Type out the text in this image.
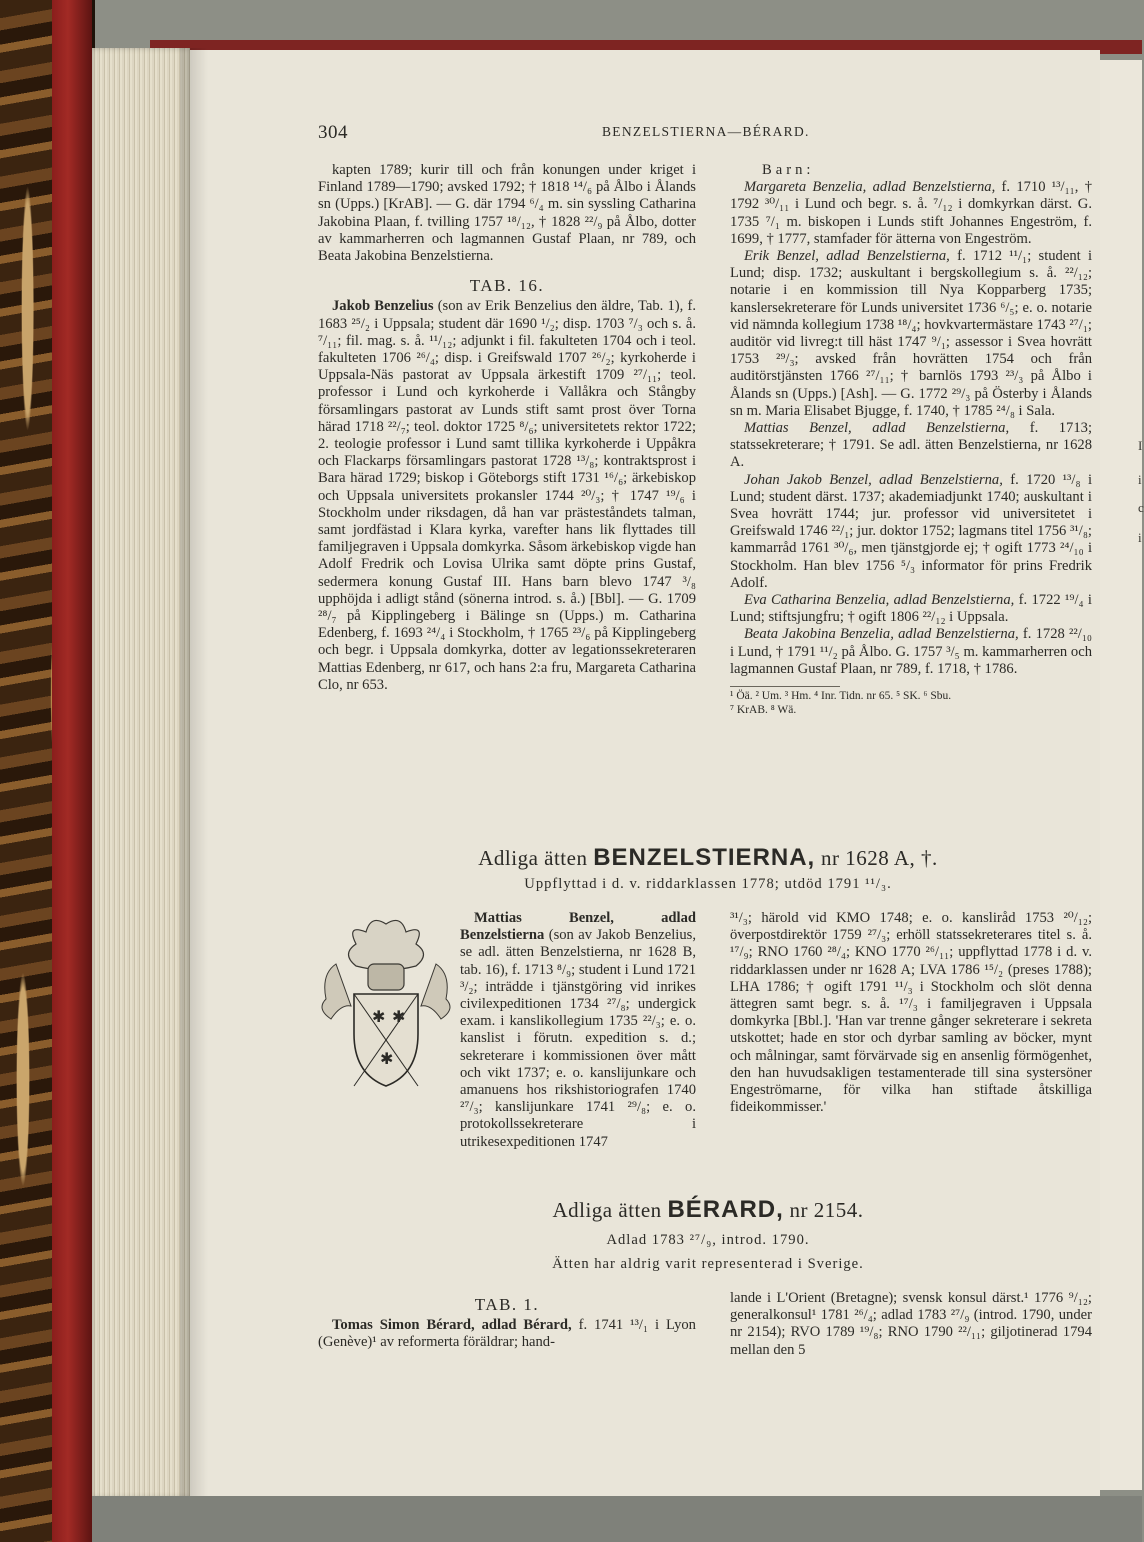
I
i
c
i
304	BENZELSTIERNA—BÉRARD.

kapten 1789; kurir till och från konungen under kriget i Finland 1789—1790; avsked 1792; † 1818 ¹⁴/₆ på Ålbo i Ålands sn (Upps.) [KrAB]. — G. där 1794 ⁶/₄ m. sin syssling Catharina Jakobina Plaan, f. tvilling 1757 ¹⁸/₁₂, † 1828 ²²/₉ på Ålbo, dotter av kammarherren och lagmannen Gustaf Plaan, nr 789, och Beata Jakobina Benzelstierna.

TAB. 16.

Jakob Benzelius (son av Erik Benzelius den äldre, Tab. 1), f. 1683 ²⁵/₂ i Uppsala; student där 1690 ¹/₂; disp. 1703 ⁷/₃ och s. å. ⁷/₁₁; fil. mag. s. å. ¹¹/₁₂; adjunkt i fil. fakulteten 1704 och i teol. fakulteten 1706 ²⁶/₄; disp. i Greifswald 1707 ²⁶/₂; kyrkoherde i Uppsala-Näs pastorat av Uppsala ärkestift 1709 ²⁷/₁₁; teol. professor i Lund och kyrkoherde i Vallåkra och Stångby församlingars pastorat av Lunds stift samt prost över Torna härad 1718 ²²/₇; teol. doktor 1725 ⁸/₆; universitetets rektor 1722; 2. teologie professor i Lund samt tillika kyrkoherde i Uppåkra och Flackarps församlingars pastorat 1728 ¹³/₈; kontraktsprost i Bara härad 1729; biskop i Göteborgs stift 1731 ¹⁶/₆; ärkebiskop och Uppsala universitets prokansler 1744 ²⁰/₃; † 1747 ¹⁹/₆ i Stockholm under riksdagen, då han var prästeståndets talman, samt jordfästad i Klara kyrka, varefter hans lik flyttades till familjegraven i Uppsala domkyrka. Såsom ärkebiskop vigde han Adolf Fredrik och Lovisa Ulrika samt döpte prins Gustaf, sedermera konung Gustaf III. Hans barn blevo 1747 ³/₈ upphöjda i adligt stånd (sönerna introd. s. å.) [Bbl]. — G. 1709 ²⁸/₇ på Kipplingeberg i Bälinge sn (Upps.) m. Catharina Edenberg, f. 1693 ²⁴/₄ i Stockholm, † 1765 ²³/₆ på Kipplingeberg och begr. i Uppsala domkyrka, dotter av legationssekreteraren Mattias Edenberg, nr 617, och hans 2:a fru, Margareta Catharina Clo, nr 653.

Barn:

Margareta Benzelia, adlad Benzelstierna, f. 1710 ¹³/₁₁, † 1792 ³⁰/₁₁ i Lund och begr. s. å. ⁷/₁₂ i domkyrkan därst. G. 1735 ⁷/₁ m. biskopen i Lunds stift Johannes Engeström, f. 1699, † 1777, stamfader för ätterna von Engeström.

Erik Benzel, adlad Benzelstierna, f. 1712 ¹¹/₁; student i Lund; disp. 1732; auskultant i bergskollegium s. å. ²²/₁₂; notarie i en kommission till Nya Kopparberg 1735; kanslersekreterare för Lunds universitet 1736 ⁶/₅; e. o. notarie vid nämnda kollegium 1738 ¹⁸/₄; hovkvartermästare 1743 ²⁷/₁; auditör vid livreg:t till häst 1747 ⁹/₁; assessor i Svea hovrätt 1753 ²⁹/₃; avsked från hovrätten 1754 och från auditörstjänsten 1766 ²⁷/₁₁; † barnlös 1793 ²³/₃ på Ålbo i Ålands sn (Upps.) [Ash]. — G. 1772 ²⁹/₃ på Österby i Ålands sn m. Maria Elisabet Bjugge, f. 1740, † 1785 ²⁴/₈ i Sala.

Mattias Benzel, adlad Benzelstierna, f. 1713; statssekreterare; † 1791. Se adl. ätten Benzelstierna, nr 1628 A.

Johan Jakob Benzel, adlad Benzelstierna, f. 1720 ¹³/₈ i Lund; student därst. 1737; akademiadjunkt 1740; auskultant i Svea hovrätt 1744; jur. professor vid universitetet i Greifswald 1746 ²²/₁; jur. doktor 1752; lagmans titel 1756 ³¹/₈; kammarråd 1761 ³⁰/₆, men tjänstgjorde ej; † ogift 1773 ²⁴/₁₀ i Stockholm. Han blev 1756 ⁵/₃ informator för prins Fredrik Adolf.

Eva Catharina Benzelia, adlad Benzelstierna, f. 1722 ¹⁹/₄ i Lund; stiftsjungfru; † ogift 1806 ²²/₁₂ i Uppsala.

Beata Jakobina Benzelia, adlad Benzelstierna, f. 1728 ²²/₁₀ i Lund, † 1791 ¹¹/₂ på Ålbo. G. 1757 ³/₅ m. kammarherren och lagmannen Gustaf Plaan, nr 789, f. 1718, † 1786.

¹ Öä. ² Um. ³ Hm. ⁴ Inr. Tidn. nr 65. ⁵ SK. ⁶ Sbu.
⁷ KrAB. ⁸ Wä.
Adliga ätten BENZELSTIERNA, nr 1628 A, †.
Uppflyttad i d. v. riddarklassen 1778; utdöd 1791 ¹¹/₃.
✱ ✱
✱

Mattias Benzel, adlad Benzelstierna (son av Jakob Benzelius, se adl. ätten Benzelstierna, nr 1628 B, tab. 16), f. 1713 ⁸/₉; student i Lund 1721 ³/₂; inträdde i tjänstgöring vid inrikes civilexpeditionen 1734 ²⁷/₈; undergick exam. i kanslikollegium 1735 ²²/₃; e. o. kanslist i förutn. expedition s. d.; sekreterare i kommissionen över mått och vikt 1737; e. o. kanslijunkare och amanuens hos rikshistoriografen 1740 ²⁷/₃; kanslijunkare 1741 ²⁹/₈; e. o. protokollssekreterare i utrikesexpeditionen 1747

³¹/₃; härold vid KMO 1748; e. o. kansliråd 1753 ²⁰/₁₂; överpostdirektör 1759 ²⁷/₃; erhöll statssekreterares titel s. å. ¹⁷/₉; RNO 1760 ²⁸/₄; KNO 1770 ²⁶/₁₁; uppflyttad 1778 i d. v. riddarklassen under nr 1628 A; LVA 1786 ¹⁵/₂ (preses 1788); LHA 1786; † ogift 1791 ¹¹/₃ i Stockholm och slöt denna ättegren samt begr. s. å. ¹⁷/₃ i familjegraven i Uppsala domkyrka [Bbl.]. 'Han var trenne gånger sekreterare i sekreta utskottet; hade en stor och dyrbar samling av böcker, mynt och målningar, samt förvärvade sig en ansenlig förmögenhet, den han huvudsakligen testamenterade till sina systersöner Engeströmarne, för vilka han stiftade åtskilliga fideikommisser.'

Adliga ätten BÉRARD, nr 2154.
Adlad 1783 ²⁷/₉, introd. 1790.
Ätten har aldrig varit representerad i Sverige.
TAB. 1.

Tomas Simon Bérard, adlad Bérard, f. 1741 ¹³/₁ i Lyon (Genève)¹ av reformerta föräldrar; hand-

lande i L'Orient (Bretagne); svensk konsul därst.¹ 1776 ⁹/₁₂; generalkonsul¹ 1781 ²⁶/₄; adlad 1783 ²⁷/₉ (introd. 1790, under nr 2154); RVO 1789 ¹⁹/₈; RNO 1790 ²²/₁₁; giljotinerad 1794 mellan den 5
